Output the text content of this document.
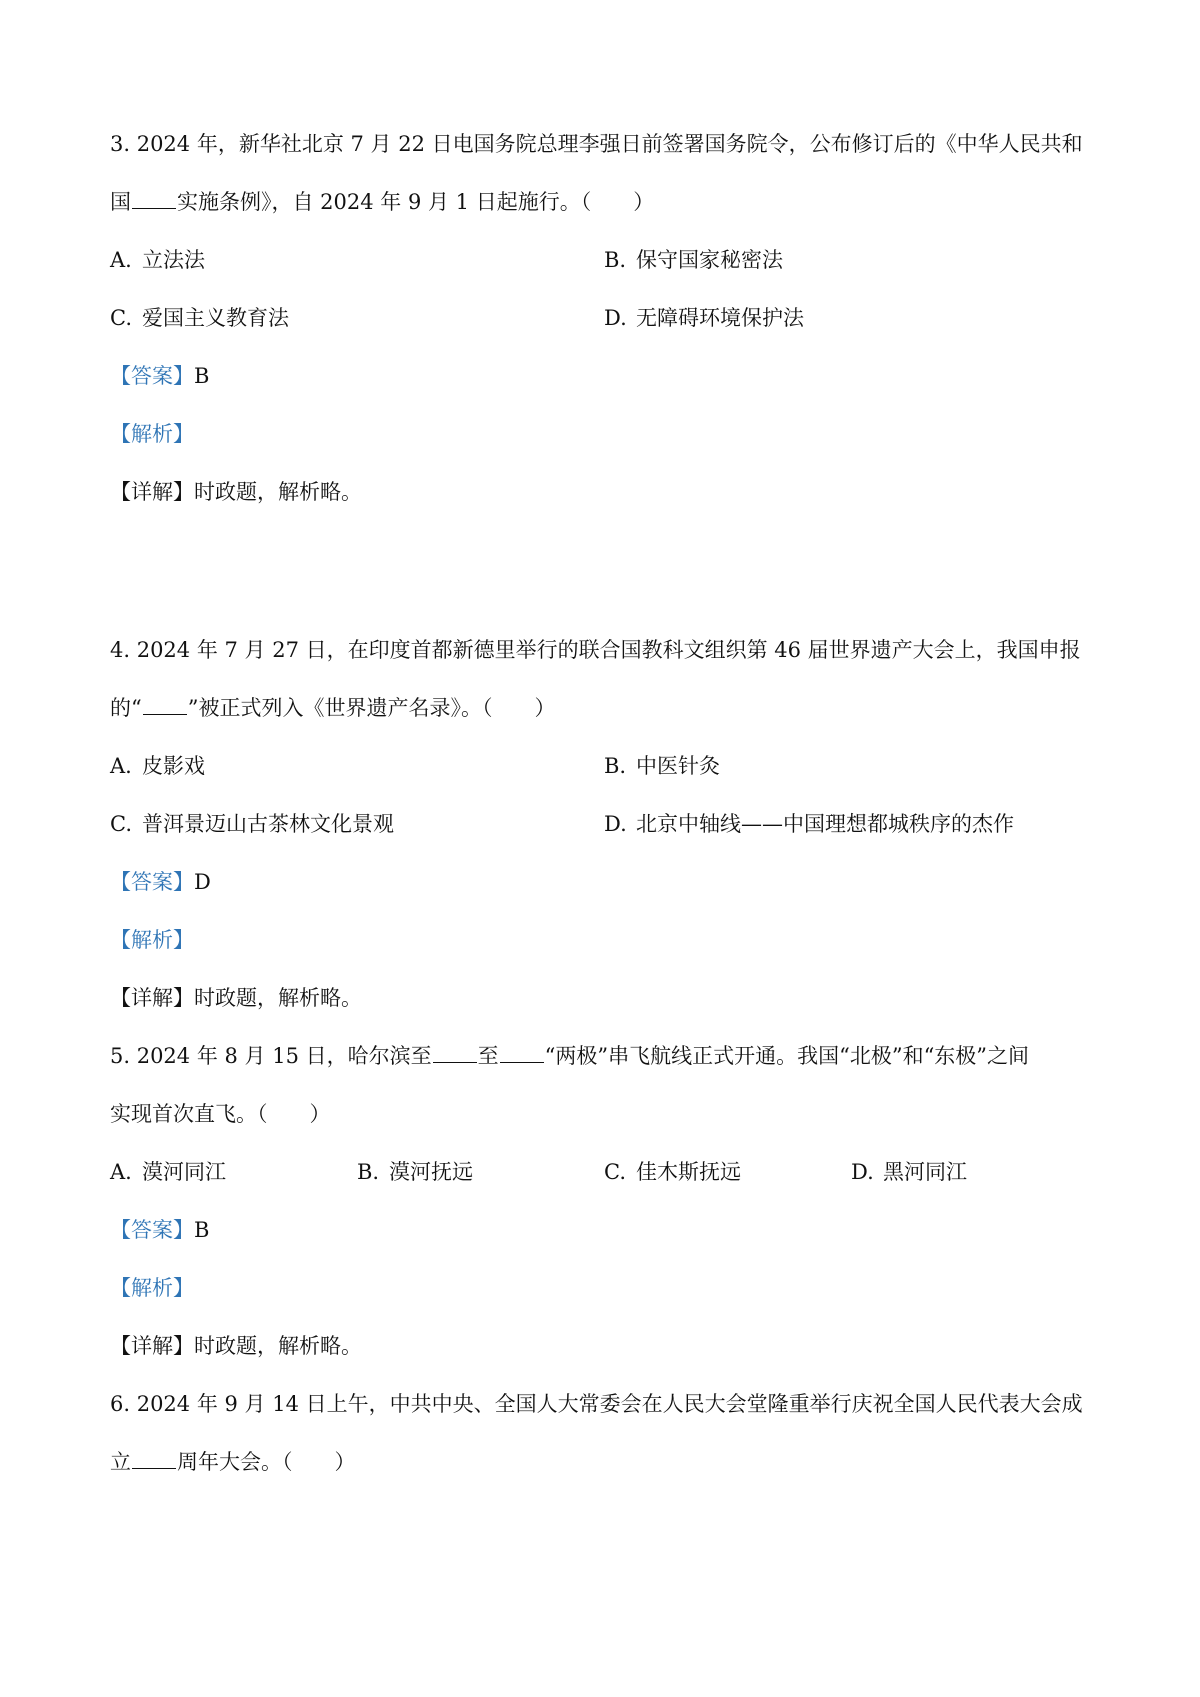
3. 2024 年，新华社北京 7 月 22 日电国务院总理李强日前签署国务院令，公布修订后的《中华人民共和
国 实施条例》，自 2024 年 9 月 1 日起施行。（　　）
A. 立法法	B. 保守国家秘密法
C. 爱国主义教育法	D. 无障碍环境保护法
【答案】B
【解析】
【详解】时政题，解析略。
4. 2024 年 7 月 27 日，在印度首都新德里举行的联合国教科文组织第 46 届世界遗产大会上，我国申报
的“ ”被正式列入《世界遗产名录》。（　　）
A. 皮影戏	B. 中医针灸
C. 普洱景迈山古茶林文化景观	D. 北京中轴线——中国理想都城秩序的杰作
【答案】D
【解析】
【详解】时政题，解析略。
5. 2024 年 8 月 15 日，哈尔滨至 至 “两极”串飞航线正式开通。我国“北极”和“东极”之间
实现首次直飞。（　　）
A. 漠河同江	B. 漠河抚远	C. 佳木斯抚远	D. 黑河同江
【答案】B
【解析】
【详解】时政题，解析略。
6. 2024 年 9 月 14 日上午，中共中央、全国人大常委会在人民大会堂隆重举行庆祝全国人民代表大会成
立 周年大会。（　　）
